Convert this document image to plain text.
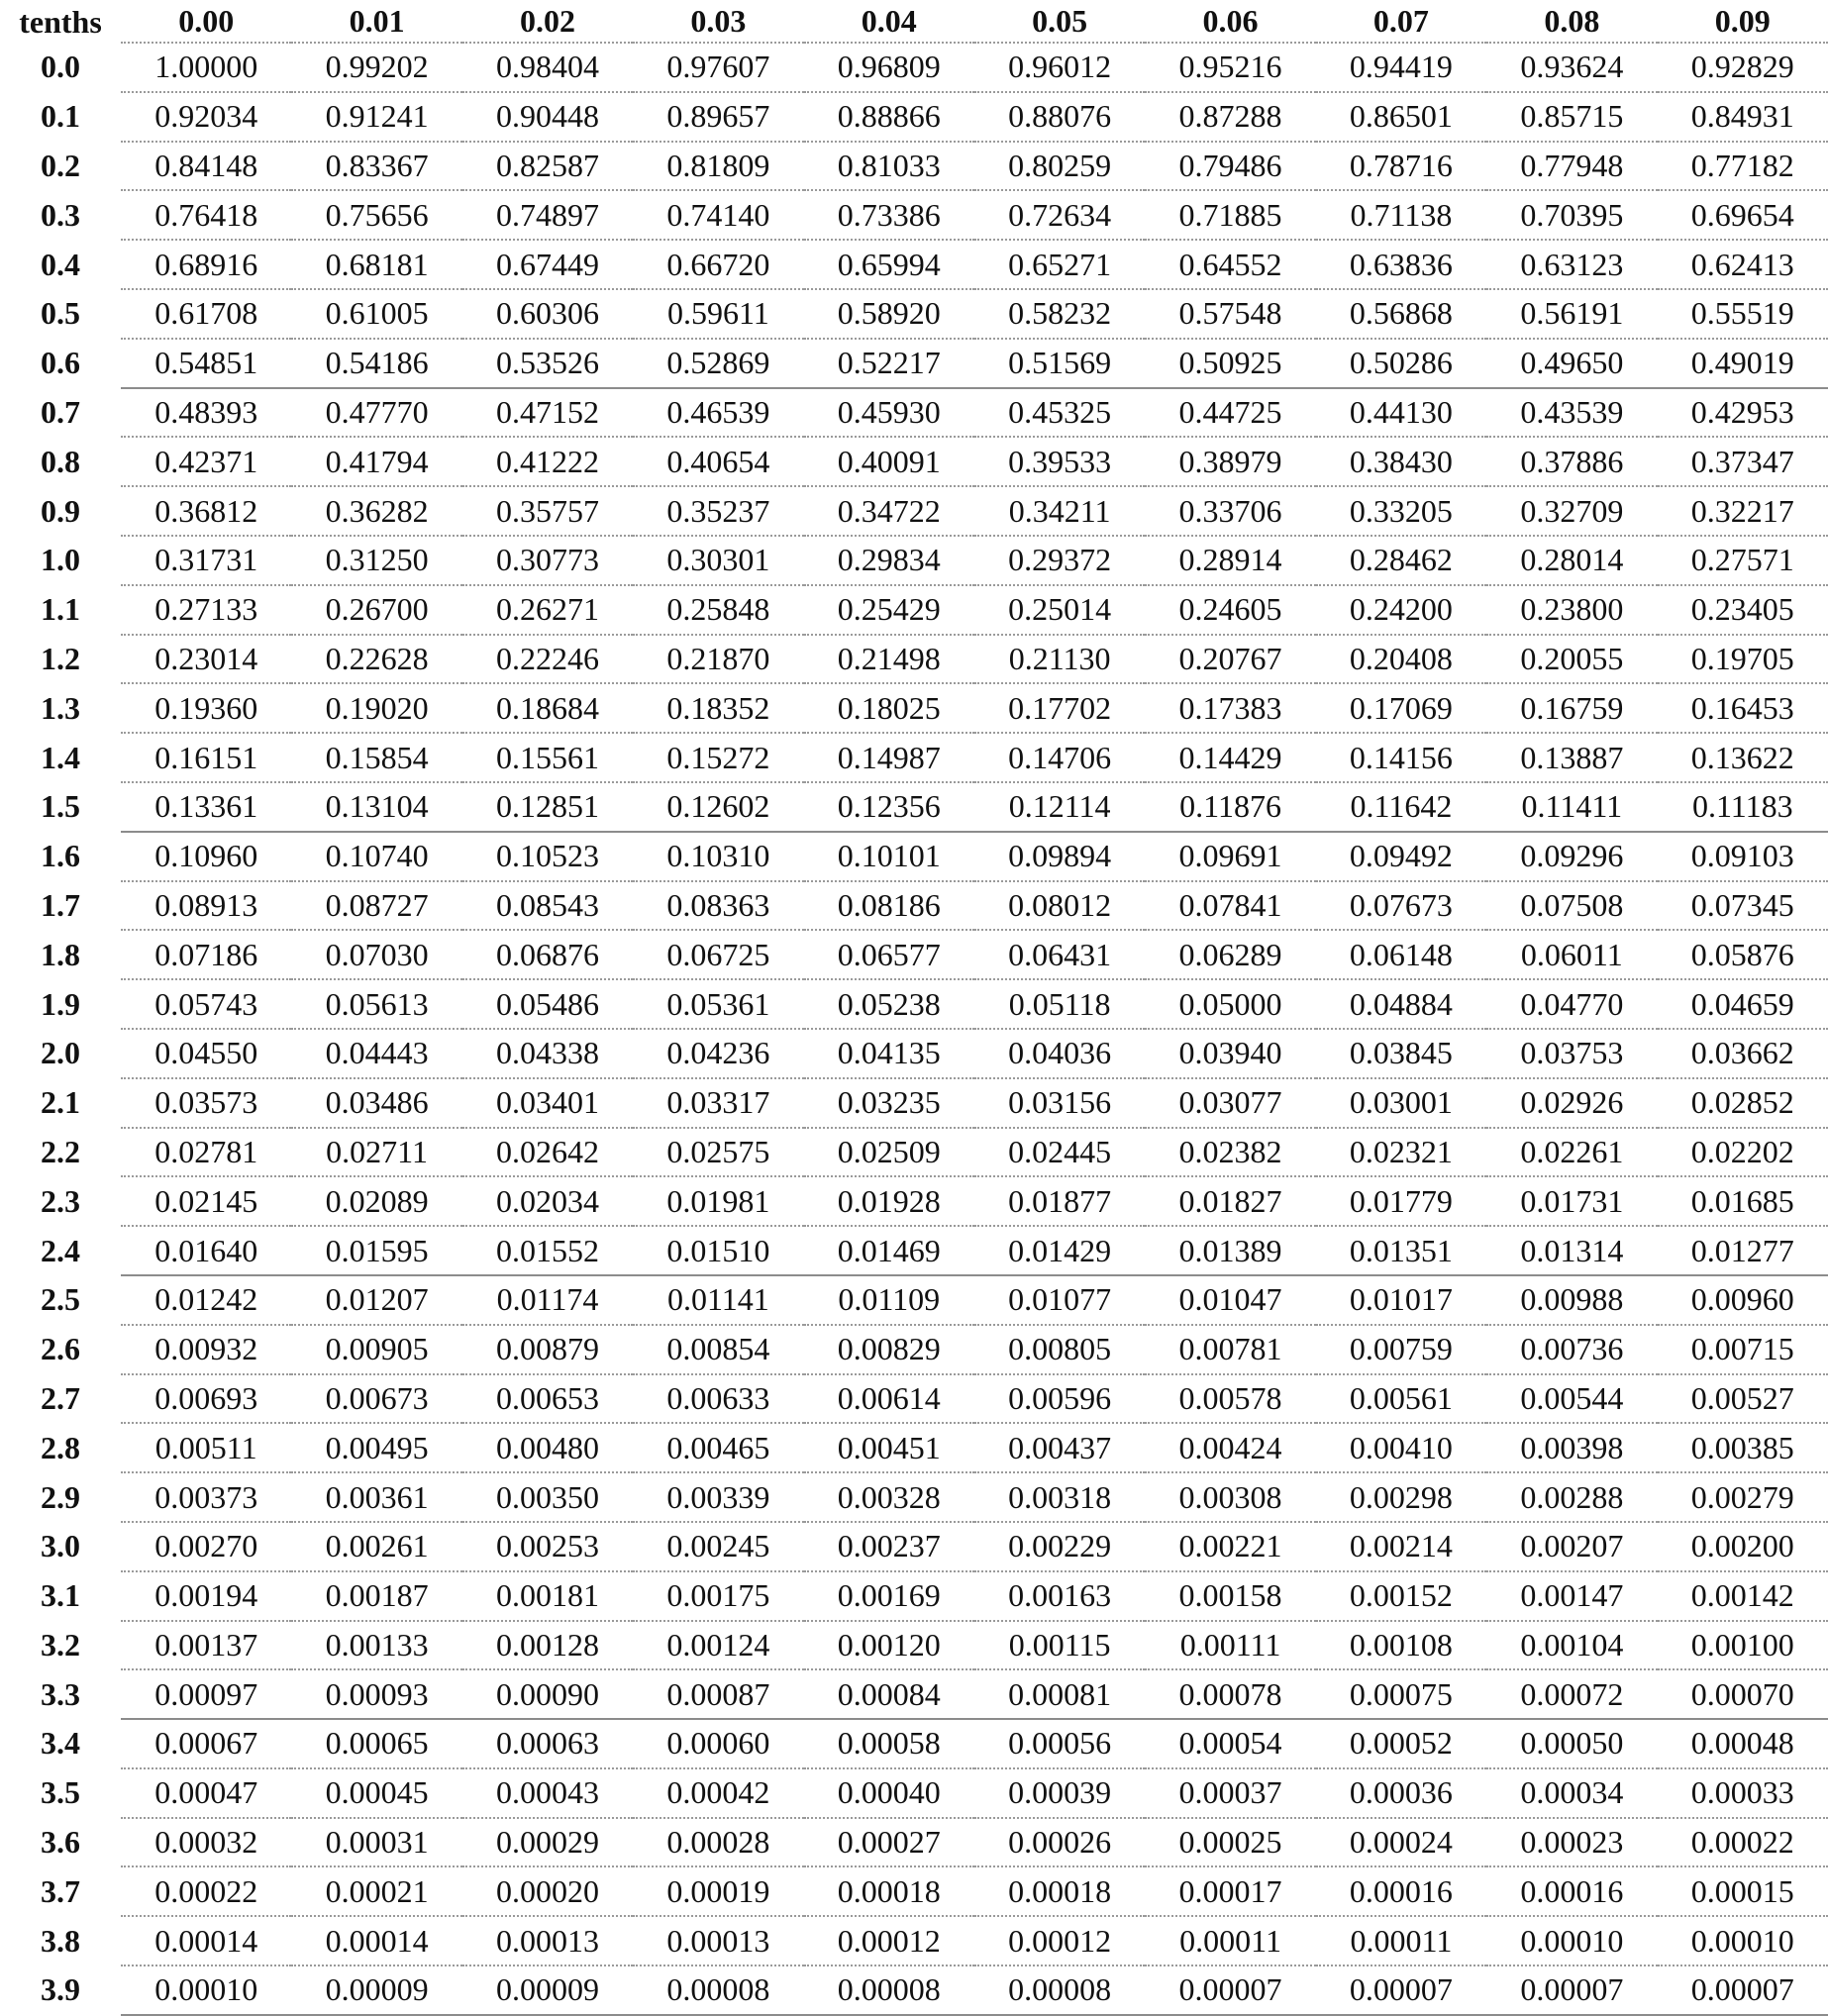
tenths	0.00	0.01	0.02	0.03	0.04	0.05	0.06	0.07	0.08	0.09
0.0	1.00000	0.99202	0.98404	0.97607	0.96809	0.96012	0.95216	0.94419	0.93624	0.92829
0.1	0.92034	0.91241	0.90448	0.89657	0.88866	0.88076	0.87288	0.86501	0.85715	0.84931
0.2	0.84148	0.83367	0.82587	0.81809	0.81033	0.80259	0.79486	0.78716	0.77948	0.77182
0.3	0.76418	0.75656	0.74897	0.74140	0.73386	0.72634	0.71885	0.71138	0.70395	0.69654
0.4	0.68916	0.68181	0.67449	0.66720	0.65994	0.65271	0.64552	0.63836	0.63123	0.62413
0.5	0.61708	0.61005	0.60306	0.59611	0.58920	0.58232	0.57548	0.56868	0.56191	0.55519
0.6	0.54851	0.54186	0.53526	0.52869	0.52217	0.51569	0.50925	0.50286	0.49650	0.49019
0.7	0.48393	0.47770	0.47152	0.46539	0.45930	0.45325	0.44725	0.44130	0.43539	0.42953
0.8	0.42371	0.41794	0.41222	0.40654	0.40091	0.39533	0.38979	0.38430	0.37886	0.37347
0.9	0.36812	0.36282	0.35757	0.35237	0.34722	0.34211	0.33706	0.33205	0.32709	0.32217
1.0	0.31731	0.31250	0.30773	0.30301	0.29834	0.29372	0.28914	0.28462	0.28014	0.27571
1.1	0.27133	0.26700	0.26271	0.25848	0.25429	0.25014	0.24605	0.24200	0.23800	0.23405
1.2	0.23014	0.22628	0.22246	0.21870	0.21498	0.21130	0.20767	0.20408	0.20055	0.19705
1.3	0.19360	0.19020	0.18684	0.18352	0.18025	0.17702	0.17383	0.17069	0.16759	0.16453
1.4	0.16151	0.15854	0.15561	0.15272	0.14987	0.14706	0.14429	0.14156	0.13887	0.13622
1.5	0.13361	0.13104	0.12851	0.12602	0.12356	0.12114	0.11876	0.11642	0.11411	0.11183
1.6	0.10960	0.10740	0.10523	0.10310	0.10101	0.09894	0.09691	0.09492	0.09296	0.09103
1.7	0.08913	0.08727	0.08543	0.08363	0.08186	0.08012	0.07841	0.07673	0.07508	0.07345
1.8	0.07186	0.07030	0.06876	0.06725	0.06577	0.06431	0.06289	0.06148	0.06011	0.05876
1.9	0.05743	0.05613	0.05486	0.05361	0.05238	0.05118	0.05000	0.04884	0.04770	0.04659
2.0	0.04550	0.04443	0.04338	0.04236	0.04135	0.04036	0.03940	0.03845	0.03753	0.03662
2.1	0.03573	0.03486	0.03401	0.03317	0.03235	0.03156	0.03077	0.03001	0.02926	0.02852
2.2	0.02781	0.02711	0.02642	0.02575	0.02509	0.02445	0.02382	0.02321	0.02261	0.02202
2.3	0.02145	0.02089	0.02034	0.01981	0.01928	0.01877	0.01827	0.01779	0.01731	0.01685
2.4	0.01640	0.01595	0.01552	0.01510	0.01469	0.01429	0.01389	0.01351	0.01314	0.01277
2.5	0.01242	0.01207	0.01174	0.01141	0.01109	0.01077	0.01047	0.01017	0.00988	0.00960
2.6	0.00932	0.00905	0.00879	0.00854	0.00829	0.00805	0.00781	0.00759	0.00736	0.00715
2.7	0.00693	0.00673	0.00653	0.00633	0.00614	0.00596	0.00578	0.00561	0.00544	0.00527
2.8	0.00511	0.00495	0.00480	0.00465	0.00451	0.00437	0.00424	0.00410	0.00398	0.00385
2.9	0.00373	0.00361	0.00350	0.00339	0.00328	0.00318	0.00308	0.00298	0.00288	0.00279
3.0	0.00270	0.00261	0.00253	0.00245	0.00237	0.00229	0.00221	0.00214	0.00207	0.00200
3.1	0.00194	0.00187	0.00181	0.00175	0.00169	0.00163	0.00158	0.00152	0.00147	0.00142
3.2	0.00137	0.00133	0.00128	0.00124	0.00120	0.00115	0.00111	0.00108	0.00104	0.00100
3.3	0.00097	0.00093	0.00090	0.00087	0.00084	0.00081	0.00078	0.00075	0.00072	0.00070
3.4	0.00067	0.00065	0.00063	0.00060	0.00058	0.00056	0.00054	0.00052	0.00050	0.00048
3.5	0.00047	0.00045	0.00043	0.00042	0.00040	0.00039	0.00037	0.00036	0.00034	0.00033
3.6	0.00032	0.00031	0.00029	0.00028	0.00027	0.00026	0.00025	0.00024	0.00023	0.00022
3.7	0.00022	0.00021	0.00020	0.00019	0.00018	0.00018	0.00017	0.00016	0.00016	0.00015
3.8	0.00014	0.00014	0.00013	0.00013	0.00012	0.00012	0.00011	0.00011	0.00010	0.00010
3.9	0.00010	0.00009	0.00009	0.00008	0.00008	0.00008	0.00007	0.00007	0.00007	0.00007
